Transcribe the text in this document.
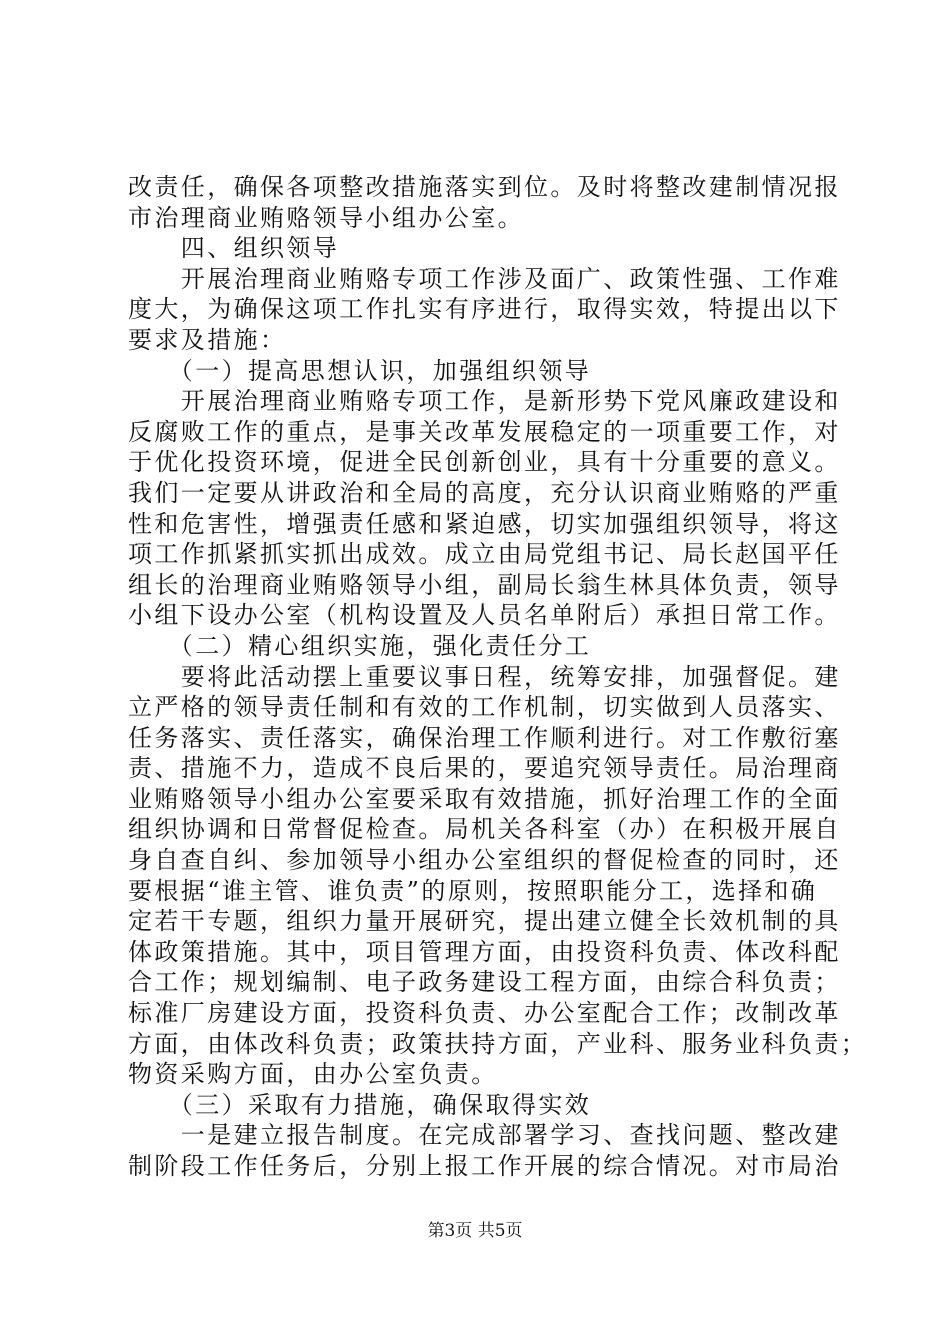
改责任，确保各项整改措施落实到位。及时将整改建制情况报
市治理商业贿赂领导小组办公室。
　　四、组织领导
　　开展治理商业贿赂专项工作涉及面广、政策性强、工作难
度大，为确保这项工作扎实有序进行，取得实效，特提出以下
要求及措施：
　　（一）提高思想认识，加强组织领导
　　开展治理商业贿赂专项工作，是新形势下党风廉政建设和
反腐败工作的重点，是事关改革发展稳定的一项重要工作，对
于优化投资环境，促进全民创新创业，具有十分重要的意义。
我们一定要从讲政治和全局的高度，充分认识商业贿赂的严重
性和危害性，增强责任感和紧迫感，切实加强组织领导，将这
项工作抓紧抓实抓出成效。成立由局党组书记、局长赵国平任
组长的治理商业贿赂领导小组，副局长翁生林具体负责，领导
小组下设办公室（机构设置及人员名单附后）承担日常工作。
　　（二）精心组织实施，强化责任分工
　　要将此活动摆上重要议事日程，统筹安排，加强督促。建
立严格的领导责任制和有效的工作机制，切实做到人员落实、
任务落实、责任落实，确保治理工作顺利进行。对工作敷衍塞
责、措施不力，造成不良后果的，要追究领导责任。局治理商
业贿赂领导小组办公室要采取有效措施，抓好治理工作的全面
组织协调和日常督促检查。局机关各科室（办）在积极开展自
身自查自纠、参加领导小组办公室组织的督促检查的同时，还
要根据“谁主管、谁负责”的原则，按照职能分工，选择和确
定若干专题，组织力量开展研究，提出建立健全长效机制的具
体政策措施。其中，项目管理方面，由投资科负责、体改科配
合工作；规划编制、电子政务建设工程方面，由综合科负责；
标准厂房建设方面，投资科负责、办公室配合工作；改制改革
方面，由体改科负责；政策扶持方面，产业科、服务业科负责；
物资采购方面，由办公室负责。
　　（三）采取有力措施，确保取得实效
　　一是建立报告制度。在完成部署学习、查找问题、整改建
制阶段工作任务后，分别上报工作开展的综合情况。对市局治
第3页 共5页
